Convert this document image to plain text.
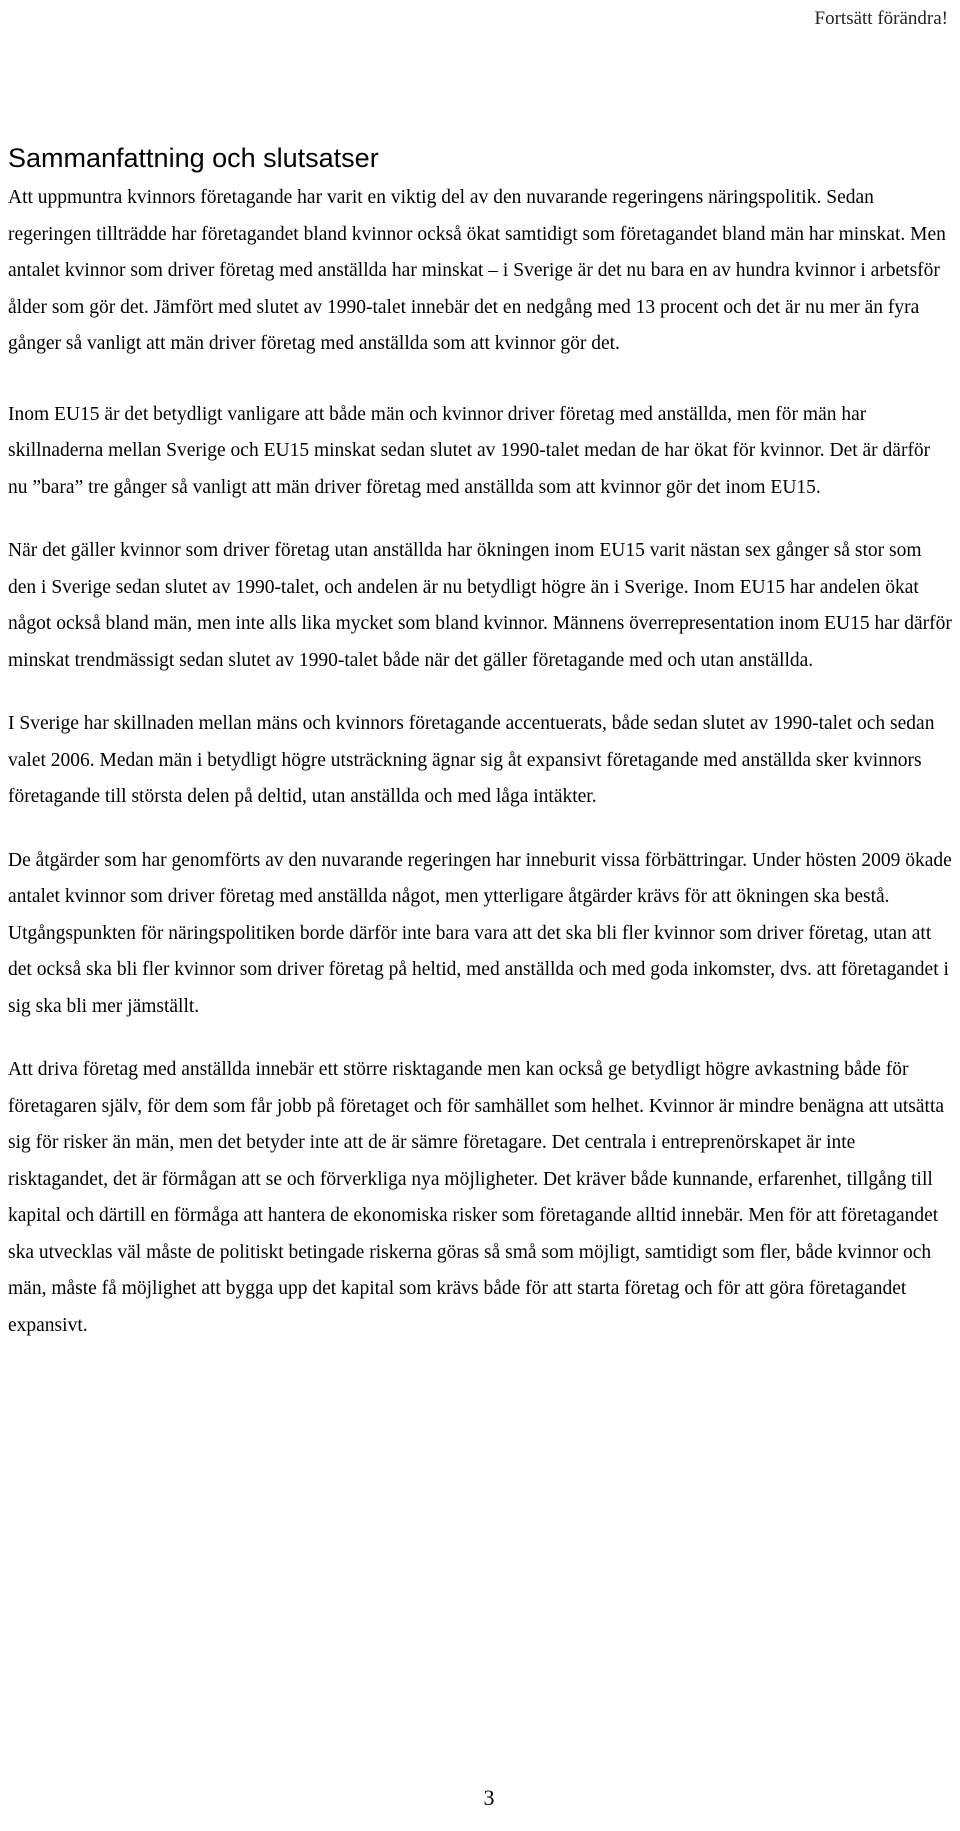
Fortsätt förändra!
Sammanfattning och slutsatser

Att uppmuntra kvinnors företagande har varit en viktig del av den nuvarande regeringens näringspolitik. Sedan regeringen tillträdde har företagandet bland kvinnor också ökat samtidigt som företagandet bland män har minskat. Men antalet kvinnor som driver företag med anställda har minskat – i Sverige är det nu bara en av hundra kvinnor i arbetsför ålder som gör det. Jämfört med slutet av 1990-talet innebär det en nedgång med 13 procent och det är nu mer än fyra gånger så vanligt att män driver företag med anställda som att kvinnor gör det.

Inom EU15 är det betydligt vanligare att både män och kvinnor driver företag med anställda, men för män har skillnaderna mellan Sverige och EU15 minskat sedan slutet av 1990-talet medan de har ökat för kvinnor. Det är därför nu ”bara” tre gånger så vanligt att män driver företag med anställda som att kvinnor gör det inom EU15.

När det gäller kvinnor som driver företag utan anställda har ökningen inom EU15 varit nästan sex gånger så stor som den i Sverige sedan slutet av 1990-talet, och andelen är nu betydligt högre än i Sverige. Inom EU15 har andelen ökat något också bland män, men inte alls lika mycket som bland kvinnor. Männens överrepresentation inom EU15 har därför minskat trendmässigt sedan slutet av 1990-talet både när det gäller företagande med och utan anställda.

I Sverige har skillnaden mellan mäns och kvinnors företagande accentuerats, både sedan slutet av 1990-talet och sedan valet 2006. Medan män i betydligt högre utsträckning ägnar sig åt expansivt företagande med anställda sker kvinnors företagande till största delen på deltid, utan anställda och med låga intäkter.

De åtgärder som har genomförts av den nuvarande regeringen har inneburit vissa förbättringar. Under hösten 2009 ökade antalet kvinnor som driver företag med anställda något, men ytterligare åtgärder krävs för att ökningen ska bestå. Utgångspunkten för näringspolitiken borde därför inte bara vara att det ska bli fler kvinnor som driver företag, utan att det också ska bli fler kvinnor som driver företag på heltid, med anställda och med goda inkomster, dvs. att företagandet i sig ska bli mer jämställt.

Att driva företag med anställda innebär ett större risktagande men kan också ge betydligt högre avkastning både för företagaren själv, för dem som får jobb på företaget och för samhället som helhet. Kvinnor är mindre benägna att utsätta sig för risker än män, men det betyder inte att de är sämre företagare. Det centrala i entreprenörskapet är inte risktagandet, det är förmågan att se och förverkliga nya möjligheter. Det kräver både kunnande, erfarenhet, tillgång till kapital och därtill en förmåga att hantera de ekonomiska risker som företagande alltid innebär. Men för att företagandet ska utvecklas väl måste de politiskt betingade riskerna göras så små som möjligt, samtidigt som fler, både kvinnor och män, måste få möjlighet att bygga upp det kapital som krävs både för att starta företag och för att göra företagandet expansivt.

3
